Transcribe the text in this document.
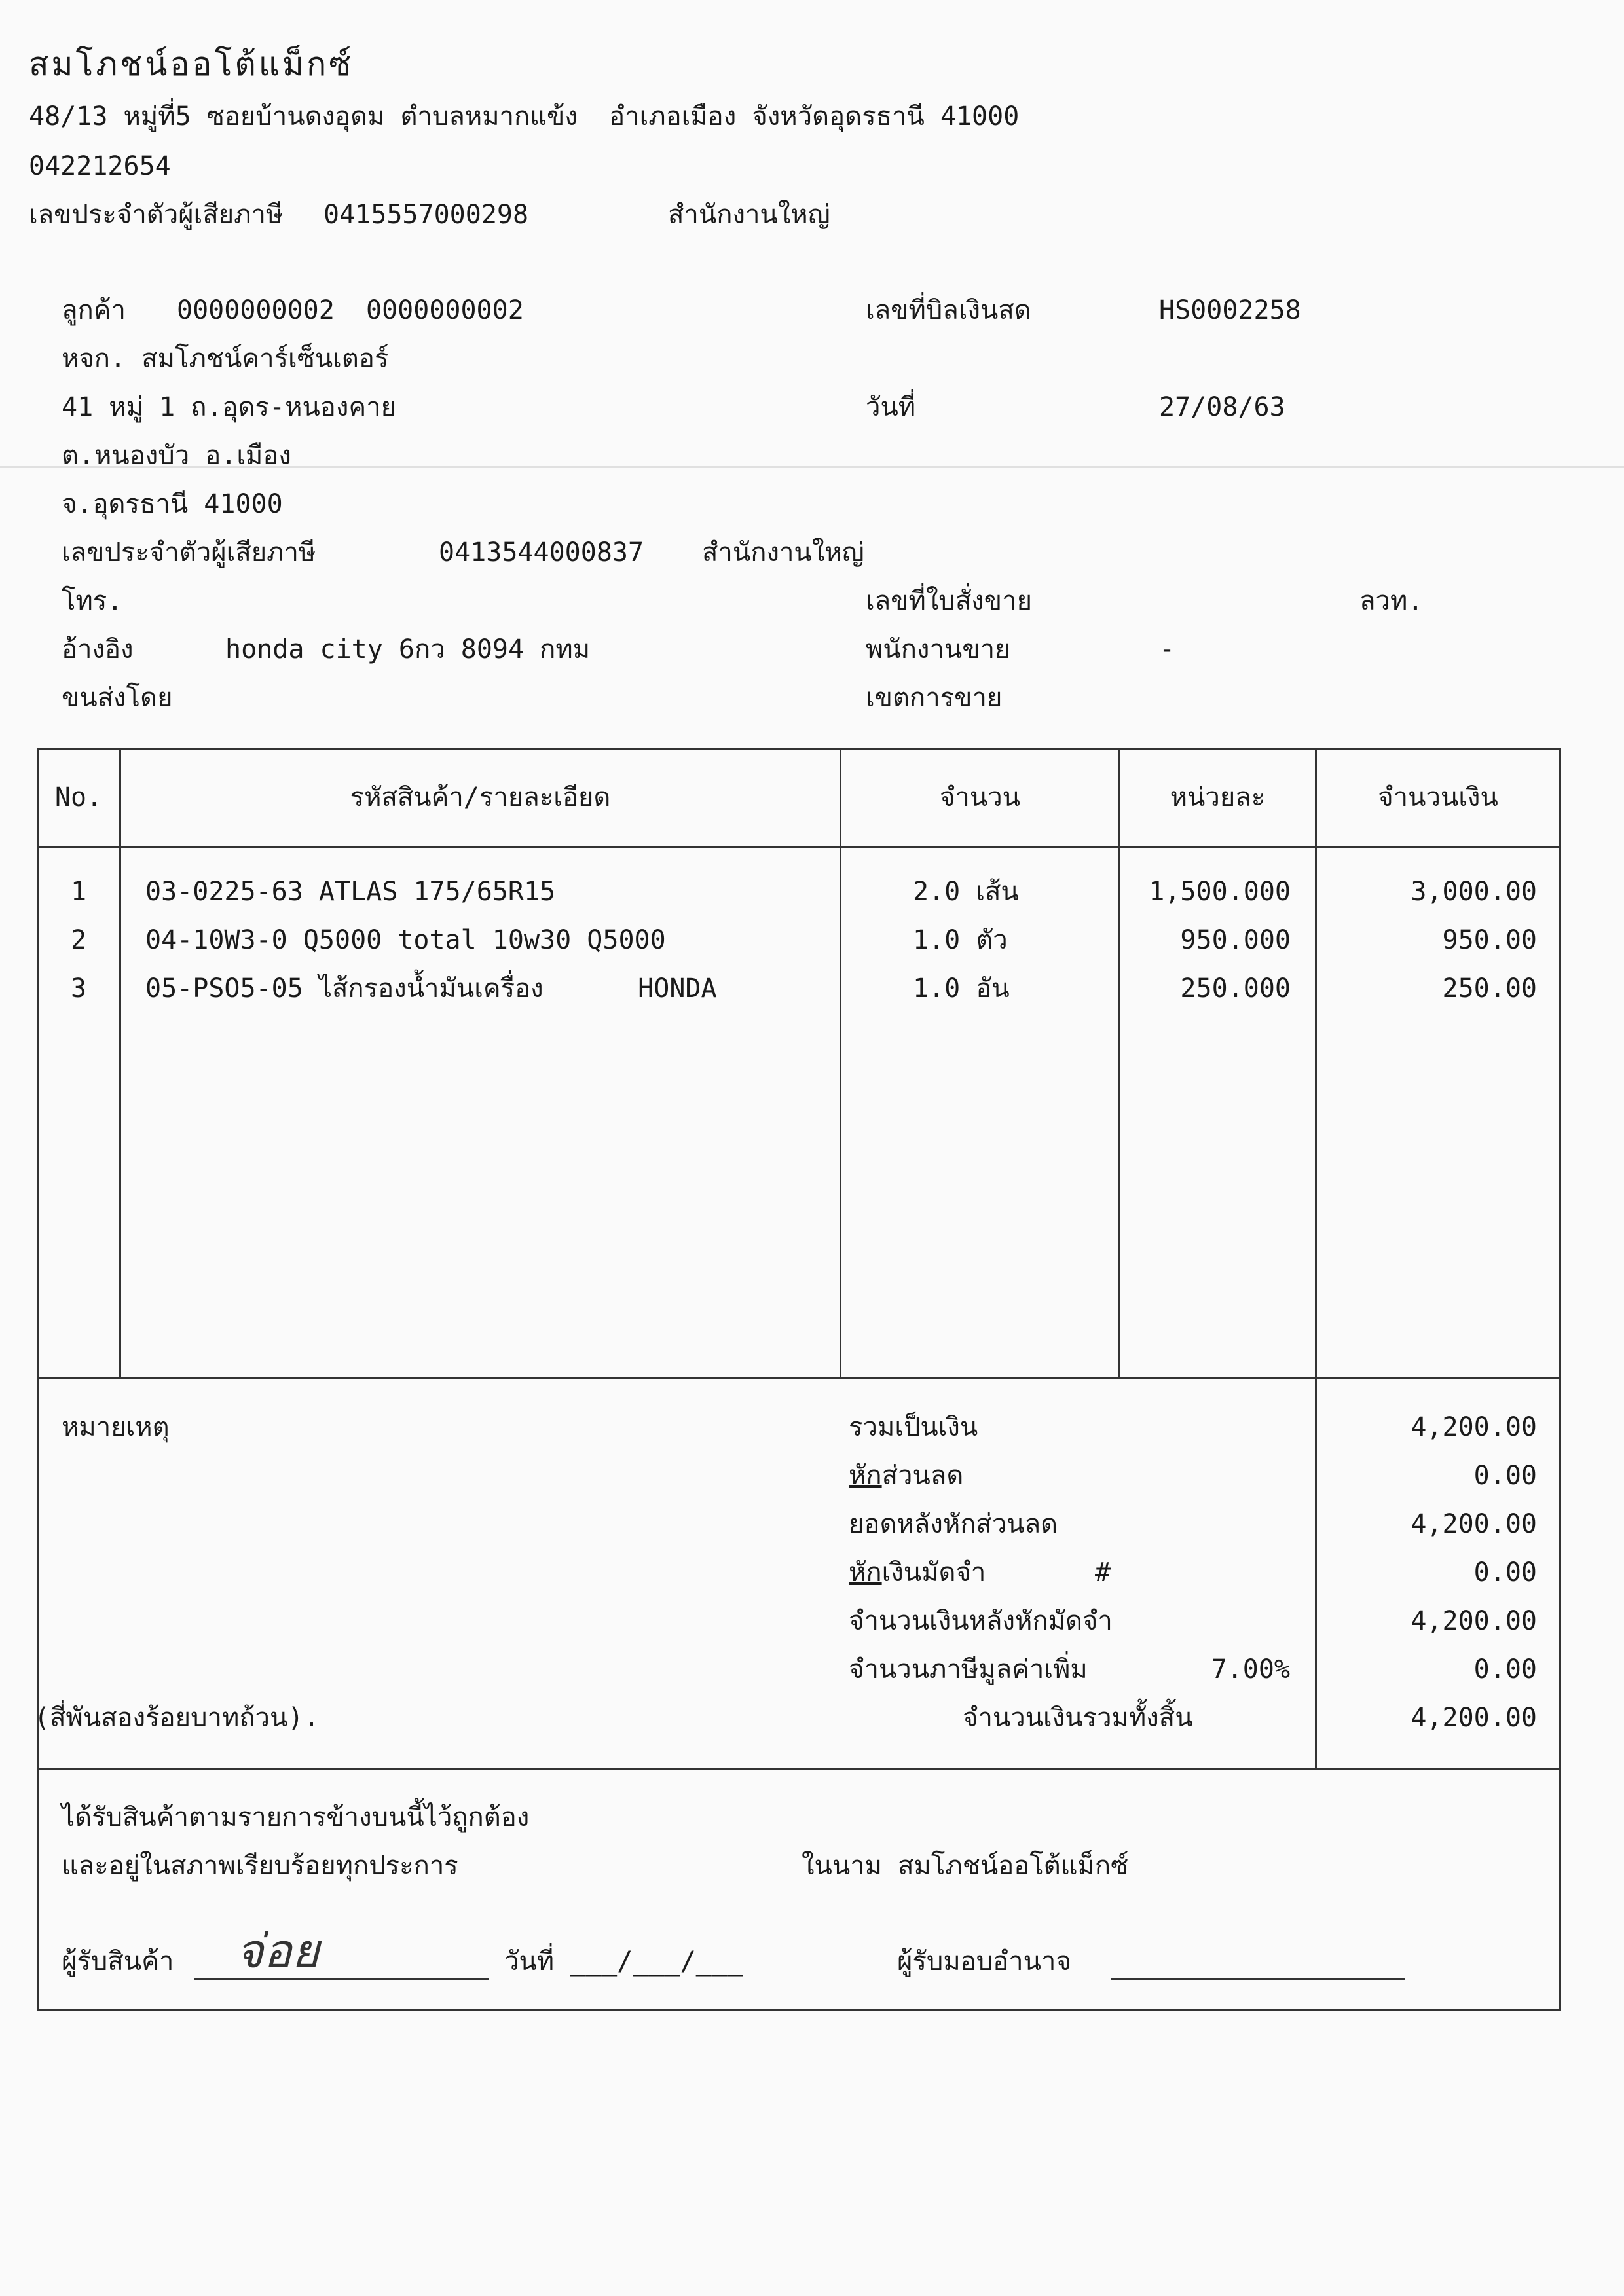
สมโภชน์ออโต้แม็กซ์
48/13 หมู่ที่5 ซอยบ้านดงอุดม ตำบลหมากแข้ง  อำเภอเมือง จังหวัดอุดรธานี 41000
042212654
เลขประจำตัวผู้เสียภาษี 0415557000298	สำนักงานใหญ่
ลูกค้า 0000000002  0000000002
หจก. สมโภชน์คาร์เซ็นเตอร์
41 หมู่ 1 ถ.อุดร-หนองคาย
ต.หนองบัว อ.เมือง
จ.อุดรธานี 41000
เลขประจำตัวผู้เสียภาษี	0413544000837 สำนักงานใหญ่
โทร.
อ้างอิง	honda city 6กว 8094 กทม
ขนส่งโดย
เลขที่บิลเงินสด	HS0002258
วันที่	27/08/63
เลขที่ใบสั่งขาย	ลวท.
พนักงานขาย	-
เขตการขาย
No.	รหัสสินค้า/รายละเอียด	จำนวน	หน่วยละ	จำนวนเงิน
1	03-0225-63 ATLAS 175/65R15	2.0 เส้น	1,500.000	3,000.00
2	04-10W3-0 Q5000 total 10w30 Q5000	1.0 ตัว	950.000	950.00
3	05-PSO5-05 ไส้กรองน้ำมันเครื่อง      HONDA	1.0 อัน	250.000	250.00
หมายเหตุ	รวมเป็นเงิน	4,200.00
หักส่วนลด	0.00
ยอดหลังหักส่วนลด	4,200.00
หักเงินมัดจำ	#	0.00
จำนวนเงินหลังหักมัดจำ	4,200.00
จำนวนภาษีมูลค่าเพิ่ม	7.00%	0.00
(สี่พันสองร้อยบาทถ้วน).	จำนวนเงินรวมทั้งสิ้น	4,200.00
ได้รับสินค้าตามรายการข้างบนนี้ไว้ถูกต้อง
และอยู่ในสภาพเรียบร้อยทุกประการ	ในนาม สมโภชน์ออโต้แม็กซ์
ผู้รับสินค้า จ่อย	วันที่ ___/___/___	ผู้รับมอบอำนาจ
